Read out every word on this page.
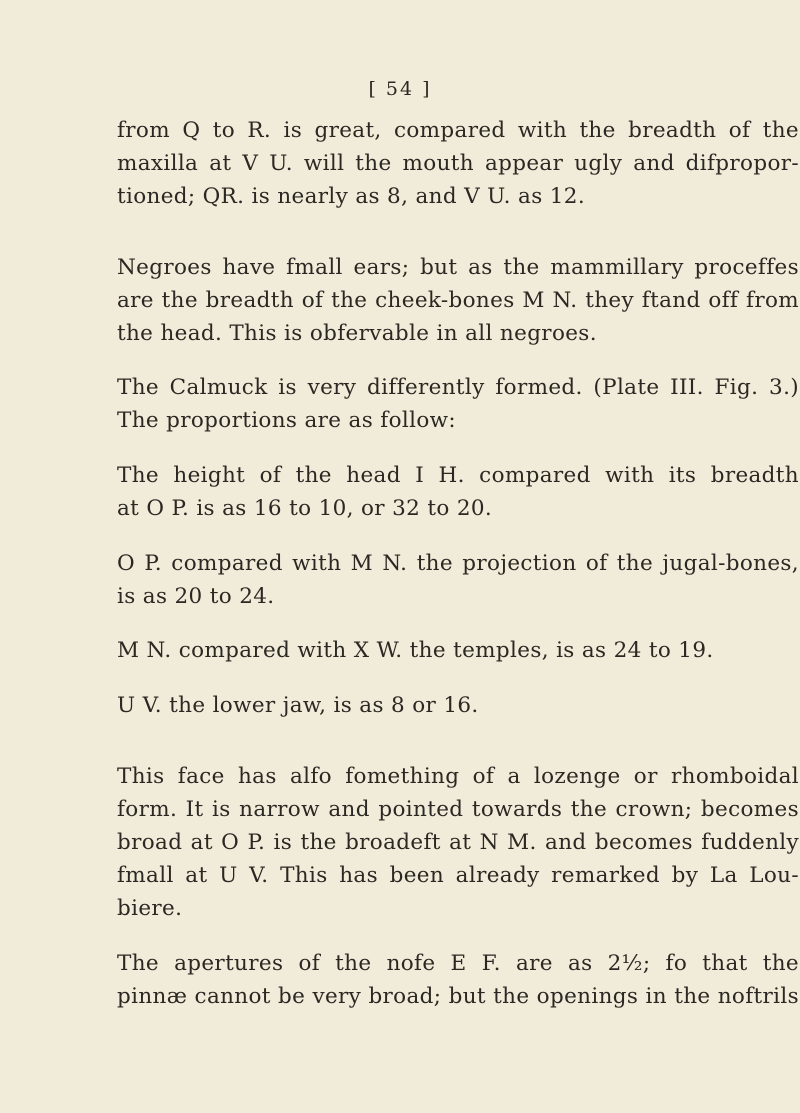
[ 54 ]
from Q to R. is great, compared with the breadth of the
maxilla at V U. will the mouth appear ugly and difpropor-
tioned; QR. is nearly as 8, and V U. as 12.
Negroes have fmall ears; but as the mammillary proceffes
are the breadth of the cheek-bones M N. they ftand off from
the head. This is obfervable in all negroes.
The Calmuck is very differently formed. (Plate III. Fig. 3.)
The proportions are as follow:
The height of the head I H. compared with its breadth
at O P. is as 16 to 10, or 32 to 20.
O P. compared with M N. the projection of the jugal-bones,
is as 20 to 24.
M N. compared with X W. the temples, is as 24 to 19.
U V. the lower jaw, is as 8 or 16.
This face has alfo fomething of a lozenge or rhomboidal
form. It is narrow and pointed towards the crown; becomes
broad at O P. is the broadeft at N M. and becomes fuddenly
fmall at U V. This has been already remarked by La Lou-
biere.
The apertures of the nofe E F. are as 2½; fo that the
pinnæ cannot be very broad; but the openings in the noftrils
